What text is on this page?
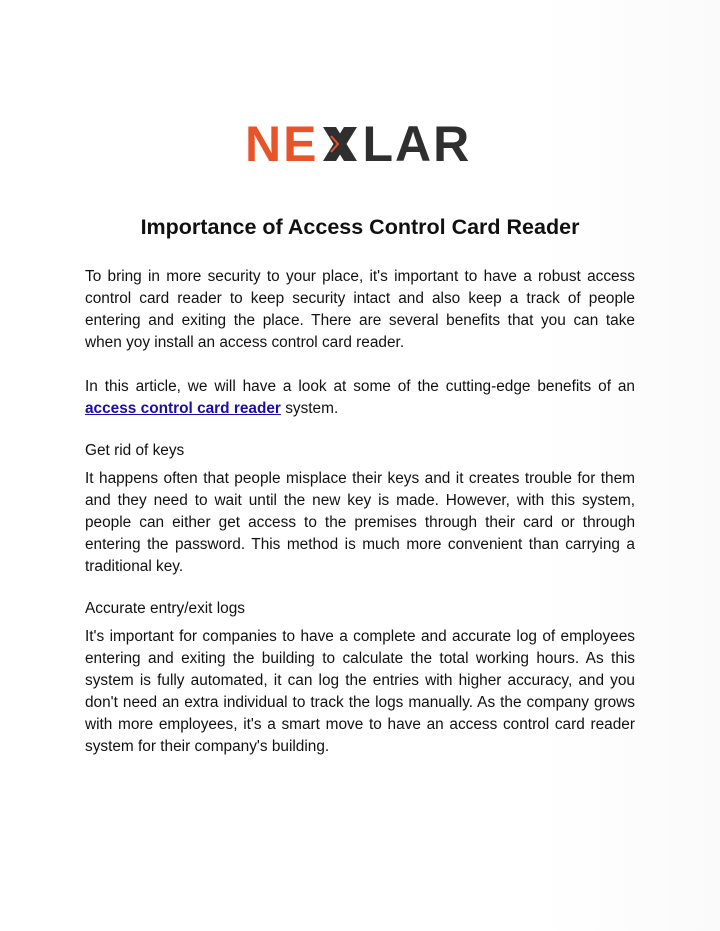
NE LAR
Importance of Access Control Card Reader

To bring in more security to your place, it's important to have a robust access control card reader to keep security intact and also keep a track of people entering and exiting the place. There are several benefits that you can take when yoy install an access control card reader.

In this article, we will have a look at some of the cutting-edge benefits of an access control card reader system.

Get rid of keys

It happens often that people misplace their keys and it creates trouble for them and they need to wait until the new key is made. However, with this system, people can either get access to the premises through their card or through entering the password. This method is much more convenient than carrying a traditional key.

Accurate entry/exit logs

It's important for companies to have a complete and accurate log of employees entering and exiting the building to calculate the total working hours. As this system is fully automated, it can log the entries with higher accuracy, and you don't need an extra individual to track the logs manually. As the company grows with more employees, it's a smart move to have an access control card reader system for their company's building.
